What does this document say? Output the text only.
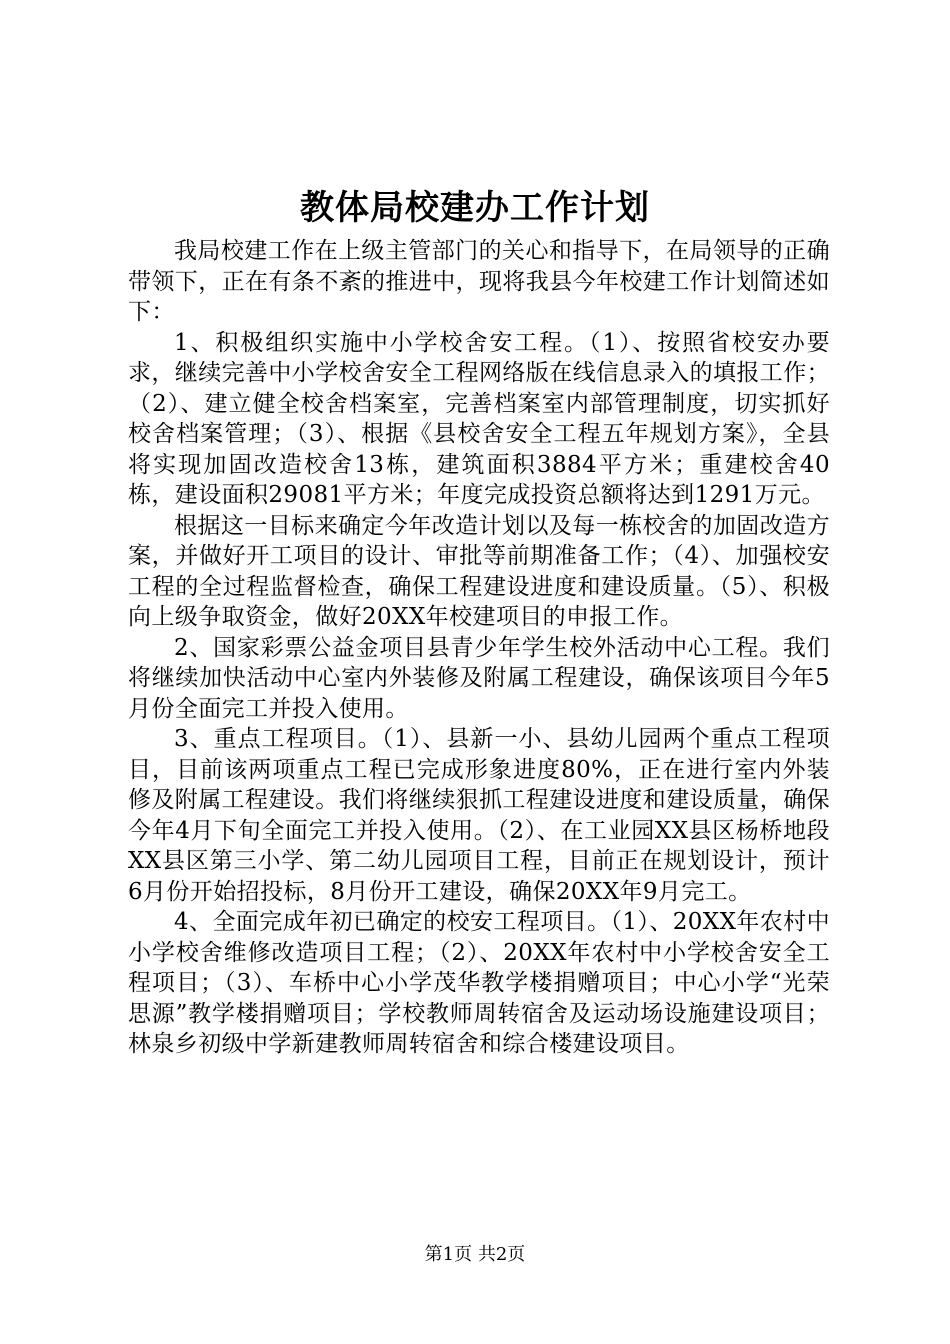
教体局校建办工作计划

我局校建工作在上级主管部门的关心和指导下，在局领导的正确带领下，正在有条不紊的推进中，现将我县今年校建工作计划简述如下：

1、积极组织实施中小学校舍安工程。（1）、按照省校安办要求，继续完善中小学校舍安全工程网络版在线信息录入的填报工作；（2）、建立健全校舍档案室，完善档案室内部管理制度，切实抓好校舍档案管理；（3）、根据《县校舍安全工程五年规划方案》，全县将实现加固改造校舍13栋，建筑面积3884平方米；重建校舍40栋，建设面积29081平方米；年度完成投资总额将达到1291万元。

根据这一目标来确定今年改造计划以及每一栋校舍的加固改造方案，并做好开工项目的设计、审批等前期准备工作；（4）、加强校安工程的全过程监督检查，确保工程建设进度和建设质量。（5）、积极向上级争取资金，做好20XX年校建项目的申报工作。

2、国家彩票公益金项目县青少年学生校外活动中心工程。我们将继续加快活动中心室内外装修及附属工程建设，确保该项目今年5月份全面完工并投入使用。

3、重点工程项目。（1）、县新一小、县幼儿园两个重点工程项目，目前该两项重点工程已完成形象进度80%，正在进行室内外装修及附属工程建设。我们将继续狠抓工程建设进度和建设质量，确保今年4月下旬全面完工并投入使用。（2）、在工业园XX县区杨桥地段XX县区第三小学、第二幼儿园项目工程，目前正在规划设计，预计6月份开始招投标，8月份开工建设，确保20XX年9月完工。

4、全面完成年初已确定的校安工程项目。（1）、20XX年农村中小学校舍维修改造项目工程；（2）、20XX年农村中小学校舍安全工程项目；（3）、车桥中心小学茂华教学楼捐赠项目；中心小学“光荣思源”教学楼捐赠项目；学校教师周转宿舍及运动场设施建设项目；林泉乡初级中学新建教师周转宿舍和综合楼建设项目。

第1页 共2页
